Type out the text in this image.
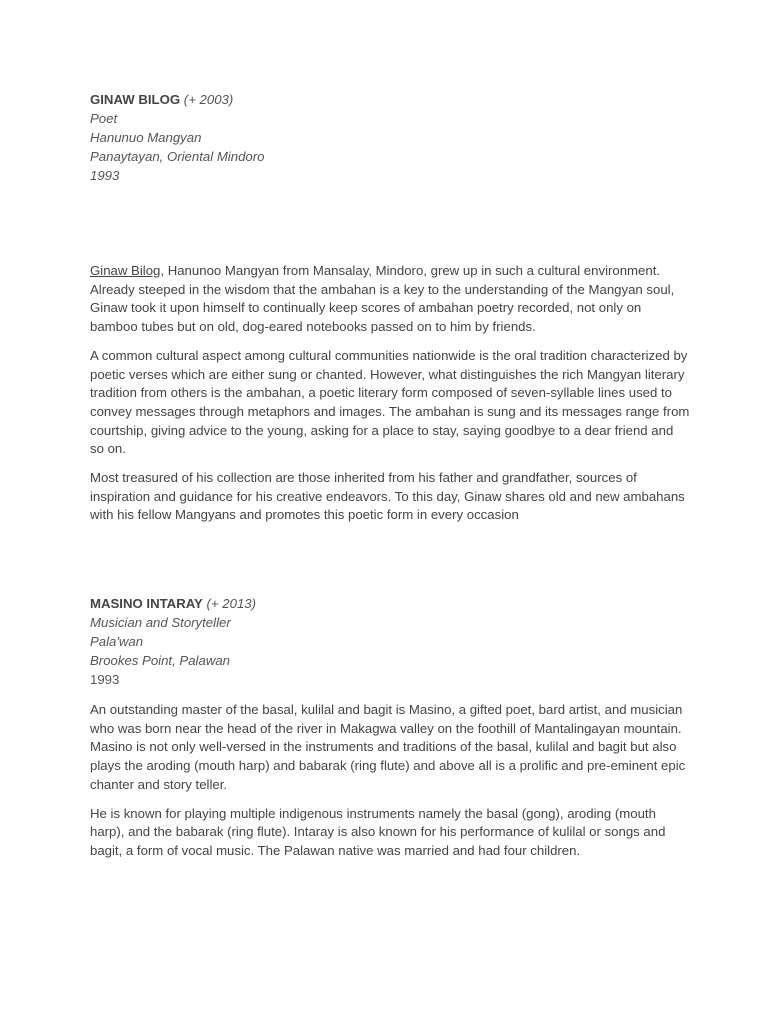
GINAW BILOG (+ 2003)

Poet

Hanunuo Mangyan

Panaytayan, Oriental Mindoro

1993

Ginaw Bilog, Hanunoo Mangyan from Mansalay, Mindoro, grew up in such a cultural environment. Already steeped in the wisdom that the ambahan is a key to the understanding of the Mangyan soul, Ginaw took it upon himself to continually keep scores of ambahan poetry recorded, not only on bamboo tubes but on old, dog-eared notebooks passed on to him by friends.

A common cultural aspect among cultural communities nationwide is the oral tradition characterized by poetic verses which are either sung or chanted. However, what distinguishes the rich Mangyan literary tradition from others is the ambahan, a poetic literary form composed of seven-syllable lines used to convey messages through metaphors and images. The ambahan is sung and its messages range from courtship, giving advice to the young, asking for a place to stay, saying goodbye to a dear friend and so on.

Most treasured of his collection are those inherited from his father and grandfather, sources of inspiration and guidance for his creative endeavors. To this day, Ginaw shares old and new ambahans with his fellow Mangyans and promotes this poetic form in every occasion

MASINO INTARAY (+ 2013)

Musician and Storyteller

Pala'wan

Brookes Point, Palawan

1993

An outstanding master of the basal, kulilal and bagit is Masino, a gifted poet, bard artist, and musician who was born near the head of the river in Makagwa valley on the foothill of Mantalingayan mountain. Masino is not only well-versed in the instruments and traditions of the basal, kulilal and bagit but also plays the aroding (mouth harp) and babarak (ring flute) and above all is a prolific and pre-eminent epic chanter and story teller.

He is known for playing multiple indigenous instruments namely the basal (gong), aroding (mouth harp), and the babarak (ring flute). Intaray is also known for his performance of kulilal or songs and bagit, a form of vocal music. The Palawan native was married and had four children.
